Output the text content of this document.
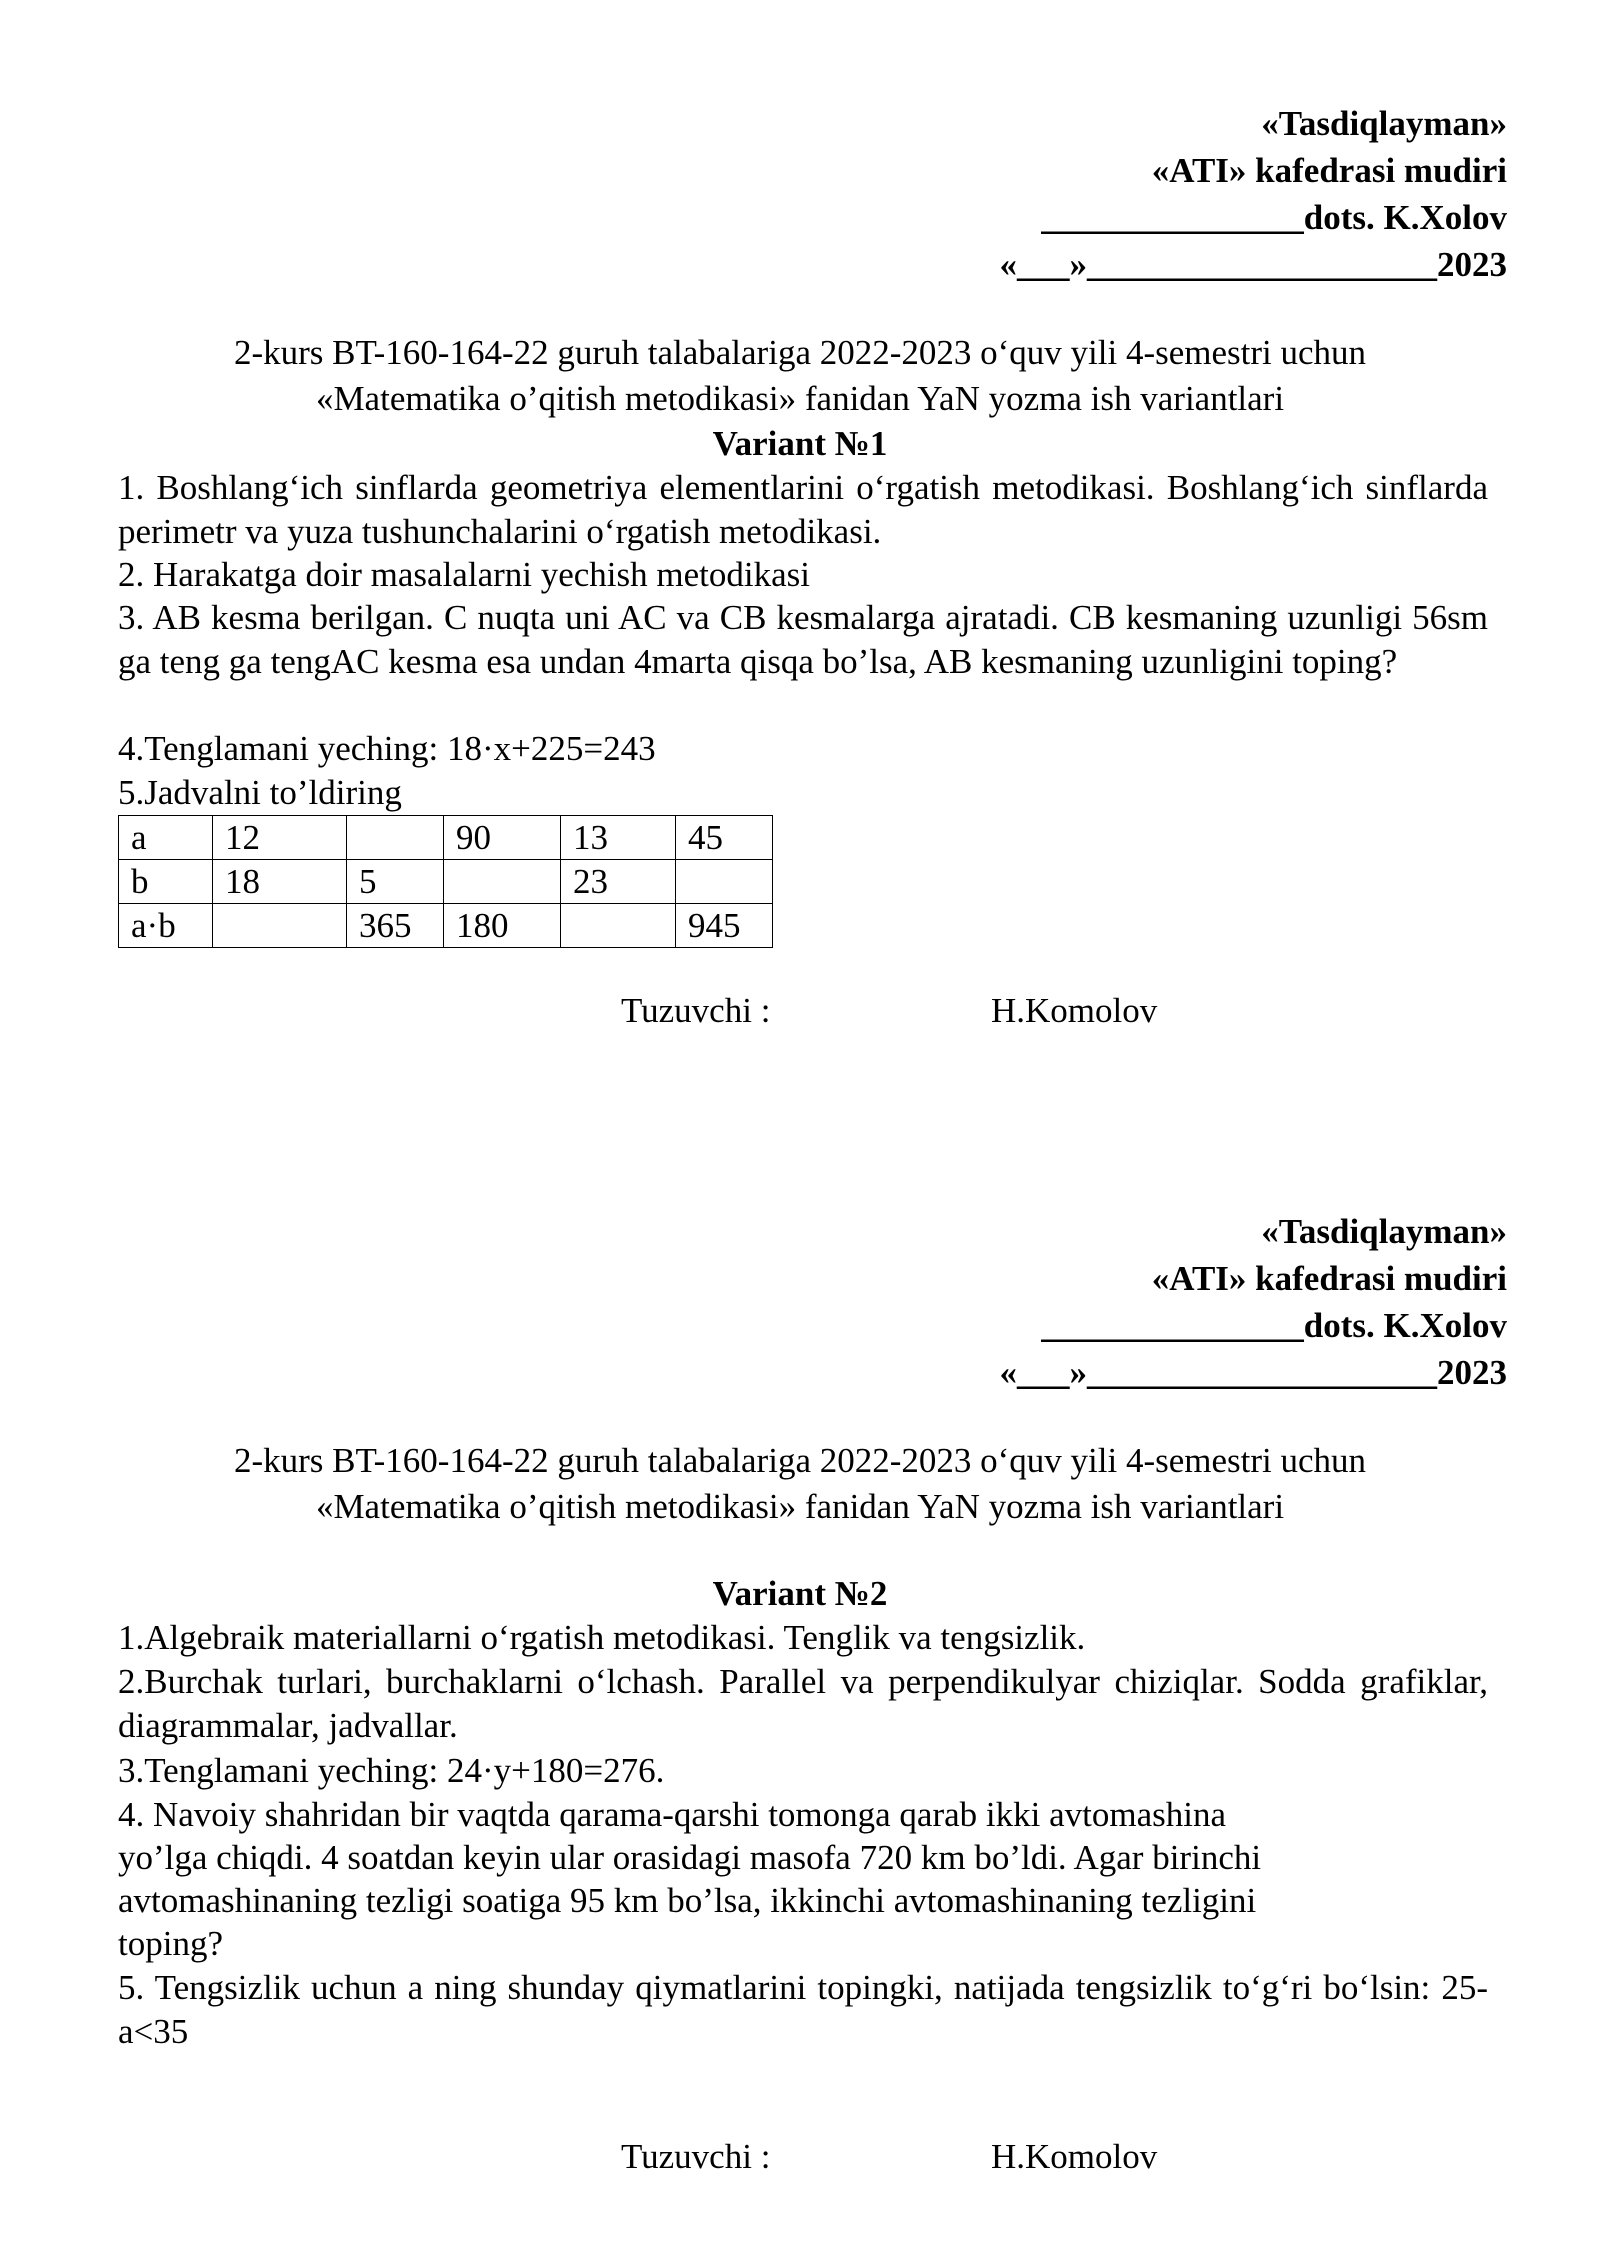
«Tasdiqlayman»
«ATI» kafedrasi mudiri
_______________dots. K.Xolov
«___»____________________2023
2-kurs BT-160-164-22 guruh talabalariga 2022-2023 o‘quv yili 4-semestri uchun
«Matematika o’qitish metodikasi» fanidan YaN yozma ish variantlari
Variant №1
1. Boshlang‘ich sinflarda geometriya elementlarini o‘rgatish metodikasi. Boshlang‘ich sinflarda perimetr va yuza tushunchalarini o‘rgatish metodikasi.
2. Harakatga doir masalalarni yechish metodikasi
3. AB kesma berilgan. C nuqta uni AC va CB kesmalarga ajratadi. CB kesmaning uzunligi 56sm ga teng ga tengAC kesma esa undan 4marta qisqa bo’lsa, AB kesmaning uzunligini toping?
4.Tenglamani yeching: 18·x+225=243
5.Jadvalni to’ldiring
a	12		90	13	45
b	18	5		23	
a·b		365	180		945
Tuzuvchi :	H.Komolov
«Tasdiqlayman»
«ATI» kafedrasi mudiri
_______________dots. K.Xolov
«___»____________________2023
2-kurs BT-160-164-22 guruh talabalariga 2022-2023 o‘quv yili 4-semestri uchun
«Matematika o’qitish metodikasi» fanidan YaN yozma ish variantlari
Variant №2
1.Algebraik materiallarni o‘rgatish metodikasi. Tenglik va tengsizlik.
2.Burchak turlari, burchaklarni o‘lchash. Parallel va perpendikulyar chiziqlar. Sodda grafiklar, diagrammalar, jadvallar.
3.Tenglamani yeching: 24·y+180=276.
4. Navoiy shahridan bir vaqtda qarama-qarshi tomonga qarab ikki avtomashina
yo’lga chiqdi. 4 soatdan keyin ular orasidagi masofa 720 km bo’ldi. Agar birinchi
avtomashinaning tezligi soatiga 95 km bo’lsa, ikkinchi avtomashinaning tezligini
toping?
5. Tengsizlik uchun a ning shunday qiymatlarini topingki, natijada tengsizlik to‘g‘ri bo‘lsin: 25-a<35
Tuzuvchi :	H.Komolov
